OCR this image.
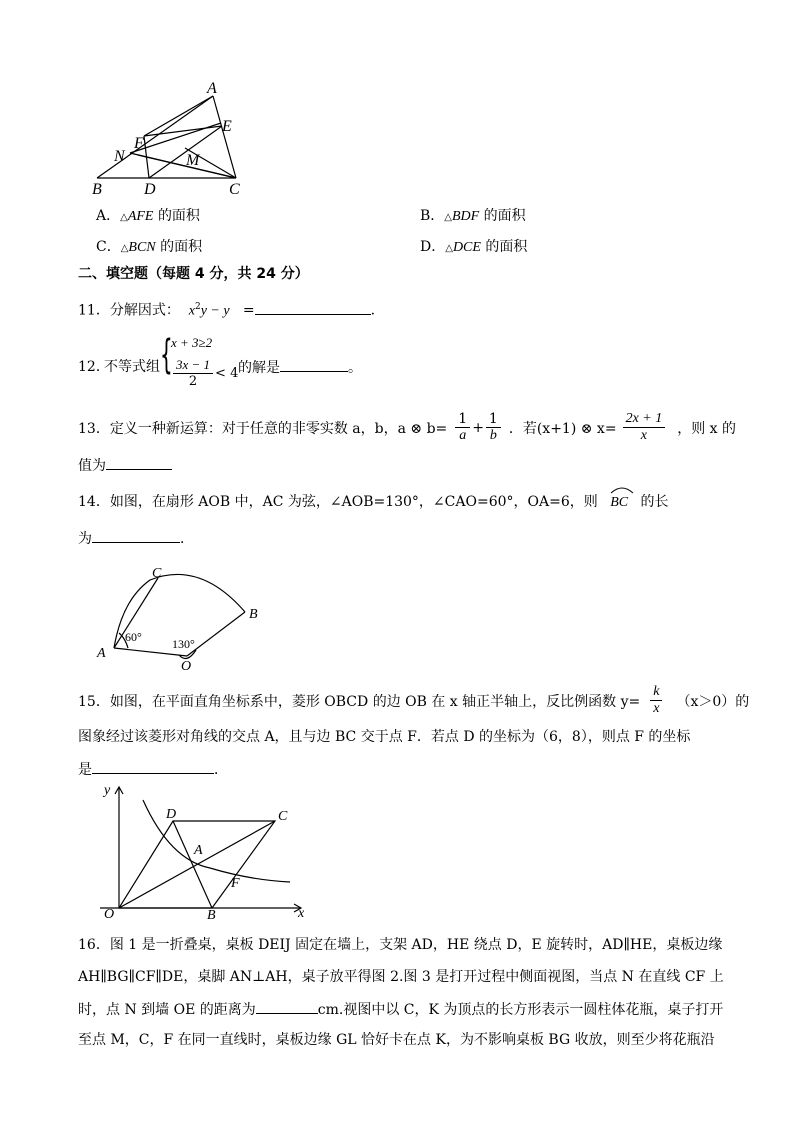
A
E
F
N	M
B	D	C
A．△AFE 的面积	B．△BDF 的面积
C．△BCN 的面积	D．△DCE 的面积
二、填空题（每题 4 分，共 24 分）
11．分解因式： $x^2y - y$ =	.
12．
不等式组 {
x + 3≥2
$\frac{3x - 1}{2} < 4$ 的解是	。
13． 定义一种新运算：对于任意的非零实数 a，b，a ⊗ $b= \frac{1}{a} + \frac{1}{b}$ ．若(x+1) ⊗ $x= \frac{2x + 1}{x}$ ，则 x 的
值为
14．如图，在扇形 AOB 中，AC 为弦，∠AOB=130°，∠CAO=60°，OA=6，则 BC 的长
为	．
C
B
A
O
60°	130°
15． 如图，在平面直角坐标系中，菱形 OBCD 的边 OB 在 x 轴正半轴上，反比例函数 $y= \frac{k}{x} (x>0)$的
图象经过该菱形对角线的交点 A，且与边 BC 交于点 F．若点 D 的坐标为（6，8），则点 F 的坐标
是	．
y
x
O	B
C
D
A
F
16．图 1 是一折叠桌，桌板 DEIJ 固定在墙上，支架 AD，HE 绕点 D，E 旋转时，AD∥HE，桌板边缘
AH∥BG∥CF∥DE，桌脚 AN⊥AH，桌子放平得图 2.图 3 是打开过程中侧面视图，当点 N 在直线 CF 上
时，点 N 到墙 OE 的距离为	cm.视图中以 C，K 为顶点的长方形表示一圆柱体花瓶，桌子打开
至点 M，C，F 在同一直线时，桌板边缘 GL 恰好卡在点 K，为不影响桌板 BG 收放，则至少将花瓶沿
